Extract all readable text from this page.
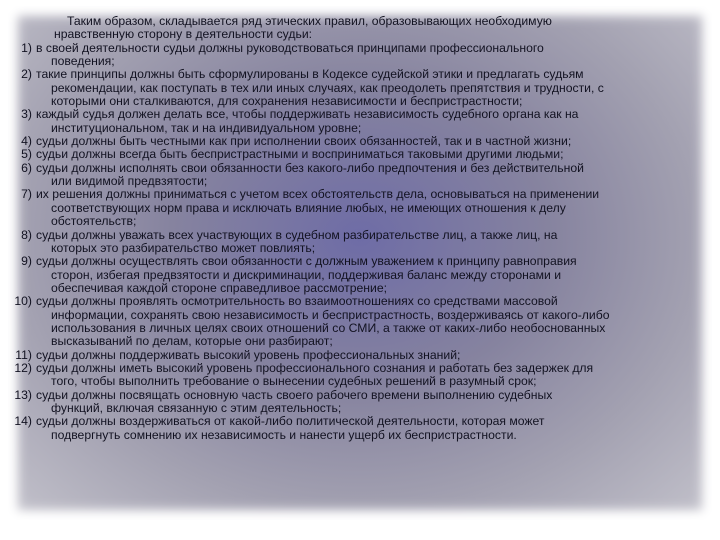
Таким образом, складывается ряд этических правил, образовывающих необходимую
нравственную сторону в деятельности судьи:
1) в своей деятельности судьи должны руководствоваться принципами профессионального
поведения;
2) такие принципы должны быть сформулированы в Кодексе судейской этики и предлагать судьям
рекомендации, как поступать в тех или иных случаях, как преодолеть препятствия и трудности, с
которыми они сталкиваются, для сохранения независимости и беспристрастности;
3) каждый судья должен делать все, чтобы поддерживать независимость судебного органа как на
институциональном, так и на индивидуальном уровне;
4) судьи должны быть честными как при исполнении своих обязанностей, так и в частной жизни;
5) судьи должны всегда быть беспристрастными и восприниматься таковыми другими людьми;
6) судьи должны исполнять свои обязанности без какого-либо предпочтения и без действительной
или видимой предвзятости;
7) их решения должны приниматься с учетом всех обстоятельств дела, основываться на применении
соответствующих норм права и исключать влияние любых, не имеющих отношения к делу
обстоятельств;
8) судьи должны уважать всех участвующих в судебном разбирательстве лиц, а также лиц, на
которых это разбирательство может повлиять;
9) судьи должны осуществлять свои обязанности с должным уважением к принципу равноправия
сторон, избегая предвзятости и дискриминации, поддерживая баланс между сторонами и
обеспечивая каждой стороне справедливое рассмотрение;
10) судьи должны проявлять осмотрительность во взаимоотношениях со средствами массовой
информации, сохранять свою независимость и беспристрастность, воздерживаясь от какого-либо
использования в личных целях своих отношений со СМИ, а также от каких-либо необоснованных
высказываний по делам, которые они разбирают;
11) судьи должны поддерживать высокий уровень профессиональных знаний;
12) судьи должны иметь высокий уровень профессионального сознания и работать без задержек для
того, чтобы выполнить требование о вынесении судебных решений в разумный срок;
13) судьи должны посвящать основную часть своего рабочего времени выполнению судебных
функций, включая связанную с этим деятельность;
14) судьи должны воздерживаться от какой-либо политической деятельности, которая может
подвергнуть сомнению их независимость и нанести ущерб их беспристрастности.
